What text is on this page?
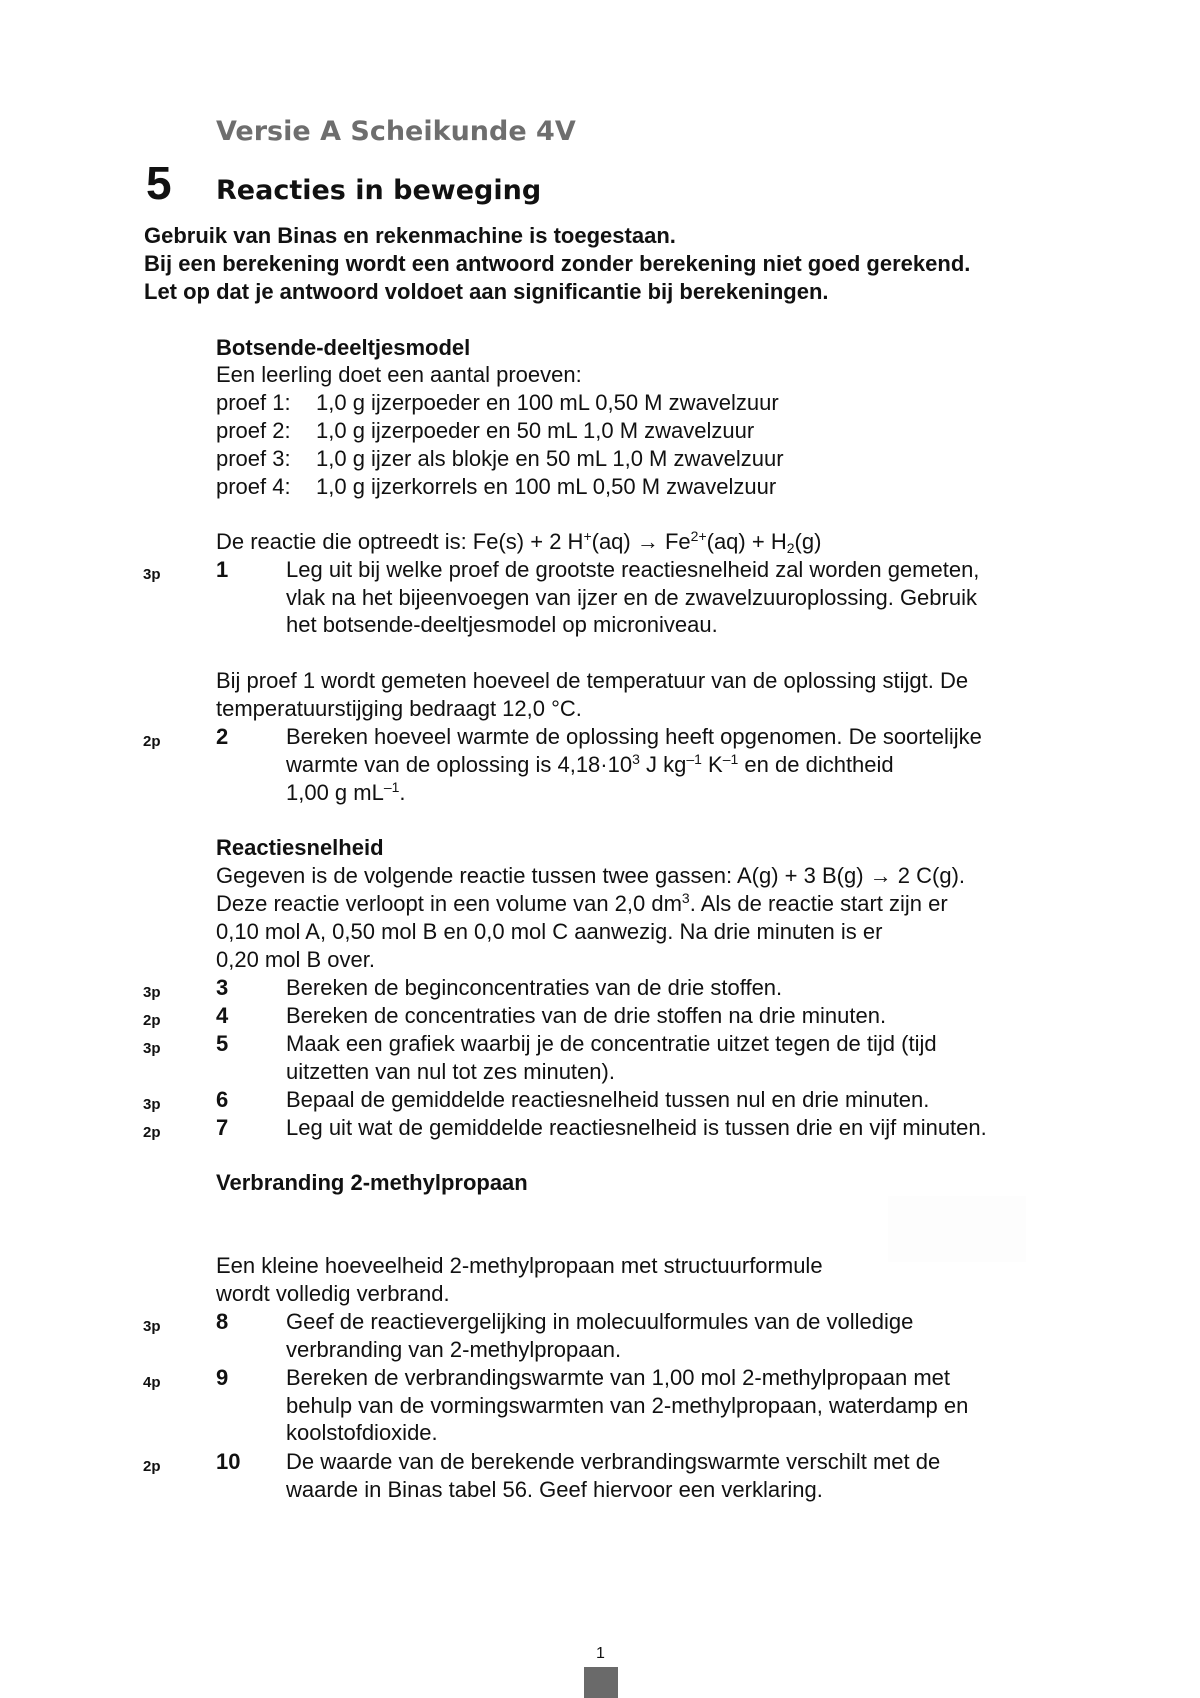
Versie A Scheikunde 4V
5 Reacties in beweging
Gebruik van Binas en rekenmachine is toegestaan.
Bij een berekening wordt een antwoord zonder berekening niet goed gerekend.
Let op dat je antwoord voldoet aan significantie bij berekeningen.
Botsende-deeltjesmodel
Een leerling doet een aantal proeven:
proef 1: 1,0 g ijzerpoeder en 100 mL 0,50 M zwavelzuur
proef 2: 1,0 g ijzerpoeder en 50 mL 1,0 M zwavelzuur
proef 3: 1,0 g ijzer als blokje en 50 mL 1,0 M zwavelzuur
proef 4: 1,0 g ijzerkorrels en 100 mL 0,50 M zwavelzuur
De reactie die optreedt is: Fe(s) + 2 $H^+(aq) \to Fe^{2+}(aq) + H_2(g)$
3p	1	Leg uit bij welke proef de grootste reactiesnelheid zal worden gemeten,
vlak na het bijeenvoegen van ijzer en de zwavelzuuroplossing. Gebruik
het botsende-deeltjesmodel op microniveau.
Bij proef 1 wordt gemeten hoeveel de temperatuur van de oplossing stijgt. De
temperatuurstijging bedraagt 12,0 °C.
2p	2	Bereken hoeveel warmte de oplossing heeft opgenomen. De soortelijke
warmte van de oplossing is $4,18\cdot 10^3$ J $kg^{-1}$ $K^{-1}$ en de dichtheid
1,00 g $mL^{-1}$.
Reactiesnelheid
Gegeven is de volgende reactie tussen twee gassen: A(g) + 3 B(g) → 2 C(g).
Deze reactie verloopt in een volume van 2,0 $dm^3$. Als de reactie start zijn er
0,10 mol A, 0,50 mol B en 0,0 mol C aanwezig. Na drie minuten is er
0,20 mol B over.
3p	3	Bereken de beginconcentraties van de drie stoffen.
2p	4	Bereken de concentraties van de drie stoffen na drie minuten.
3p	5	Maak een grafiek waarbij je de concentratie uitzet tegen de tijd (tijd
uitzetten van nul tot zes minuten).
3p	6	Bepaal de gemiddelde reactiesnelheid tussen nul en drie minuten.
2p	7	Leg uit wat de gemiddelde reactiesnelheid is tussen drie en vijf minuten.
Verbranding 2-methylpropaan
Een kleine hoeveelheid 2-methylpropaan met structuurformule
wordt volledig verbrand.
3p	8	Geef de reactievergelijking in molecuulformules van de volledige
verbranding van 2-methylpropaan.
4p	9	Bereken de verbrandingswarmte van 1,00 mol 2-methylpropaan met
behulp van de vormingswarmten van 2-methylpropaan, waterdamp en
koolstofdioxide.
2p	10 De waarde van de berekende verbrandingswarmte verschilt met de
waarde in Binas tabel 56. Geef hiervoor een verklaring.
1
